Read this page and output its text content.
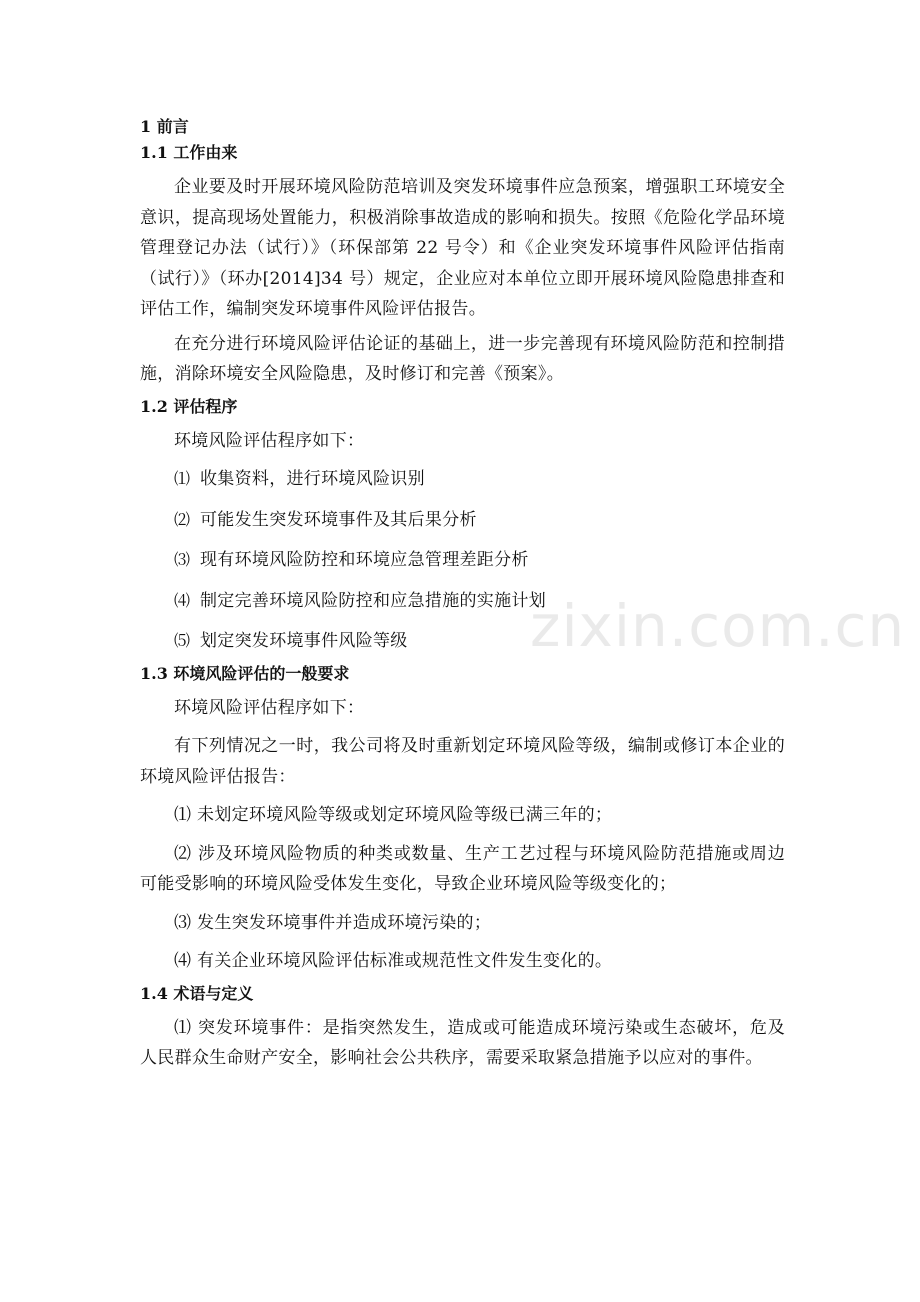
1 前言
1.1 工作由来

企业要及时开展环境风险防范培训及突发环境事件应急预案，增强职工环境安全意识，提高现场处置能力，积极消除事故造成的影响和损失。按照《危险化学品环境管理登记办法（试行）》（环保部第 22 号令）和《企业突发环境事件风险评估指南（试行）》（环办[2014]34 号）规定，企业应对本单位立即开展环境风险隐患排查和评估工作，编制突发环境事件风险评估报告。

在充分进行环境风险评估论证的基础上，进一步完善现有环境风险防范和控制措施，消除环境安全风险隐患，及时修订和完善《预案》。

1.2 评估程序

环境风险评估程序如下：

⑴ 收集资料，进行环境风险识别
⑵ 可能发生突发环境事件及其后果分析
⑶ 现有环境风险防控和环境应急管理差距分析
⑷ 制定完善环境风险防控和应急措施的实施计划
⑸ 划定突发环境事件风险等级
1.3 环境风险评估的一般要求

环境风险评估程序如下：

有下列情况之一时，我公司将及时重新划定环境风险等级，编制或修订本企业的环境风险评估报告：

⑴ 未划定环境风险等级或划定环境风险等级已满三年的；

⑵ 涉及环境风险物质的种类或数量、生产工艺过程与环境风险防范措施或周边可能受影响的环境风险受体发生变化，导致企业环境风险等级变化的；

⑶ 发生突发环境事件并造成环境污染的；

⑷ 有关企业环境风险评估标准或规范性文件发生变化的。

1.4 术语与定义

⑴ 突发环境事件：是指突然发生，造成或可能造成环境污染或生态破坏，危及人民群众生命财产安全，影响社会公共秩序，需要采取紧急措施予以应对的事件。

zixin.com.cn
